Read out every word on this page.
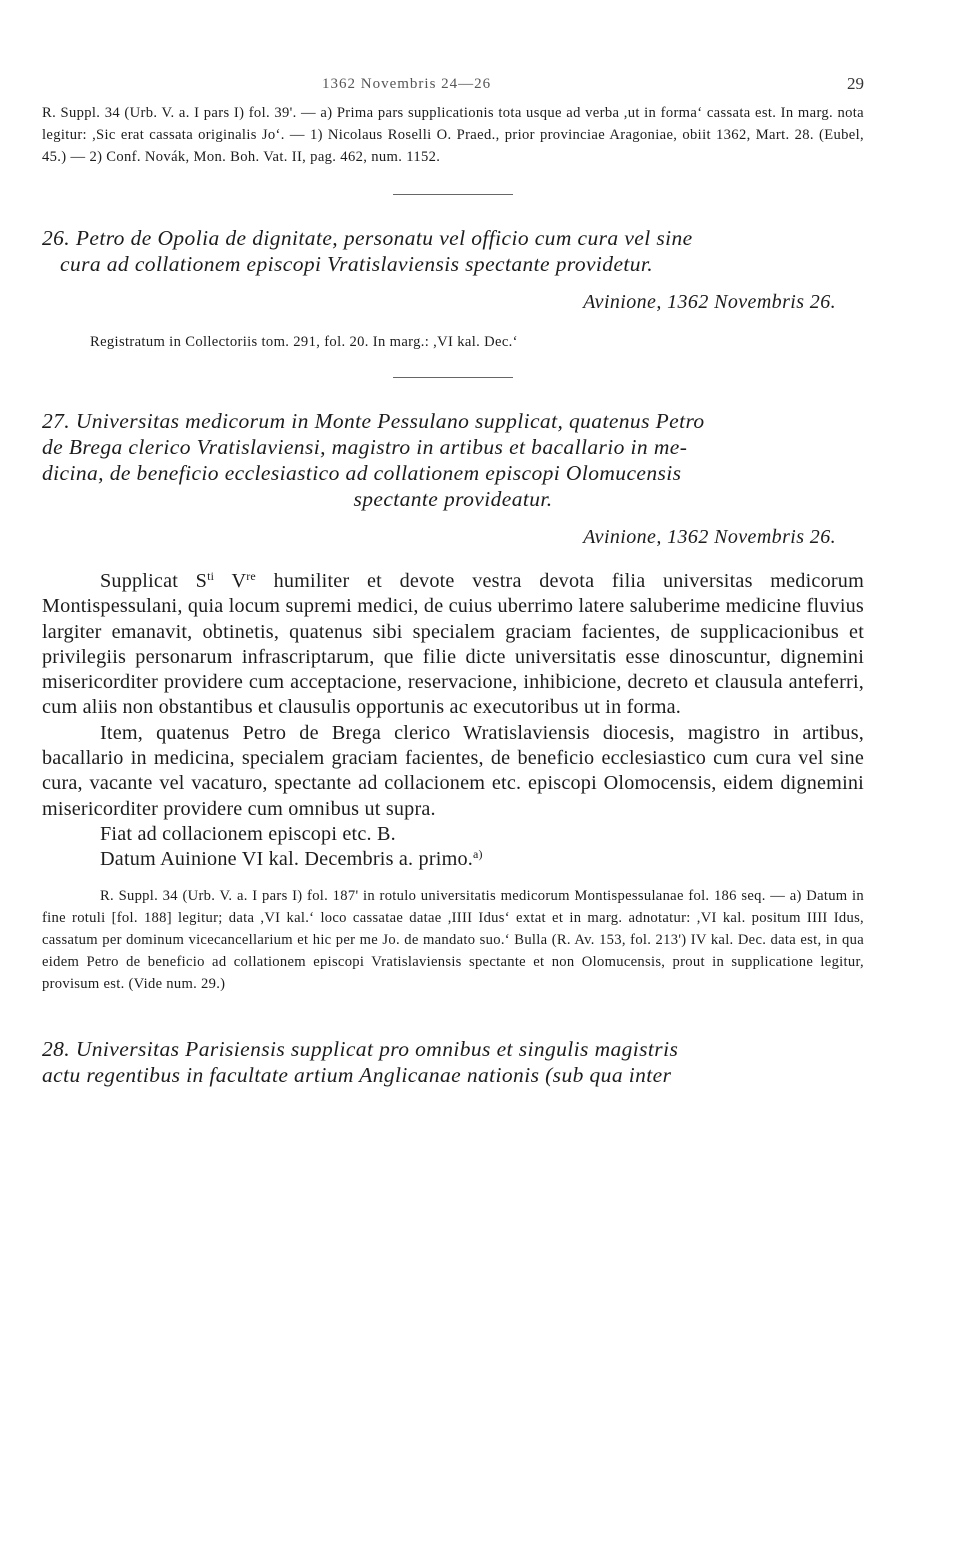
1362 Novembris 24—26	29

R. Suppl. 34 (Urb. V. a. I pars I) fol. 39'. — a) Prima pars supplicationis tota usque ad verba ,ut in forma‘ cassata est. In marg. nota legitur: ,Sic erat cassata originalis Jo‘. — 1) Nicolaus Roselli O. Praed., prior provinciae Aragoniae, obiit 1362, Mart. 28. (Eubel, 45.) — 2) Conf. Novák, Mon. Boh. Vat. II, pag. 462, num. 1152.

26. Petro de Opolia de dignitate, personatu vel officio cum cura vel sine
cura ad collationem episcopi Vratislaviensis spectante providetur.

Avinione, 1362 Novembris 26.

Registratum in Collectoriis tom. 291, fol. 20. In marg.: ,VI kal. Dec.‘

27. Universitas medicorum in Monte Pessulano supplicat, quatenus Petro
de Brega clerico Vratislaviensi, magistro in artibus et bacallario in me-
dicina, de beneficio ecclesiastico ad collationem episcopi Olomucensis
spectante provideatur.

Avinione, 1362 Novembris 26.

Supplicat $S^{ti}$ Vre humiliter et devote vestra devota filia universitas medicorum Montispessulani, quia locum supremi medici, de cuius uberrimo latere saluberime medicine fluvius largiter emanavit, obtinetis, quatenus sibi specialem graciam facientes, de supplicacionibus et privilegiis personarum infrascriptarum, que filie dicte universitatis esse dinoscuntur, dignemini misericorditer providere cum acceptacione, reservacione, inhibicione, decreto et clausula anteferri, cum aliis non obstantibus et clausulis opportunis ac executoribus ut in forma.

Item, quatenus Petro de Brega clerico Wratislaviensis diocesis, magistro in artibus, bacallario in medicina, specialem graciam facientes, de beneficio ecclesiastico cum cura vel sine cura, vacante vel vacaturo, spectante ad collacionem etc. episcopi Olomocensis, eidem dignemini misericorditer providere cum omnibus ut supra.

Fiat ad collacionem episcopi etc. B.

Datum Auinione VI kal. Decembris a. primo.$^{a)}$

R. Suppl. 34 (Urb. V. a. I pars I) fol. 187' in rotulo universitatis medicorum Montispessulanae fol. 186 seq. — a) Datum in fine rotuli [fol. 188] legitur; data ,VI kal.‘ loco cassatae datae ,IIII Idus‘ extat et in marg. adnotatur: ,VI kal. positum IIII Idus, cassatum per dominum vicecancellarium et hic per me Jo. de mandato suo.‘ Bulla (R. Av. 153, fol. 213') IV kal. Dec. data est, in qua eidem Petro de beneficio ad collationem episcopi Vratislaviensis spectante et non Olomucensis, prout in supplicatione legitur, provisum est. (Vide num. 29.)

28. Universitas Parisiensis supplicat pro omnibus et singulis magistris
actu regentibus in facultate artium Anglicanae nationis (sub qua inter
